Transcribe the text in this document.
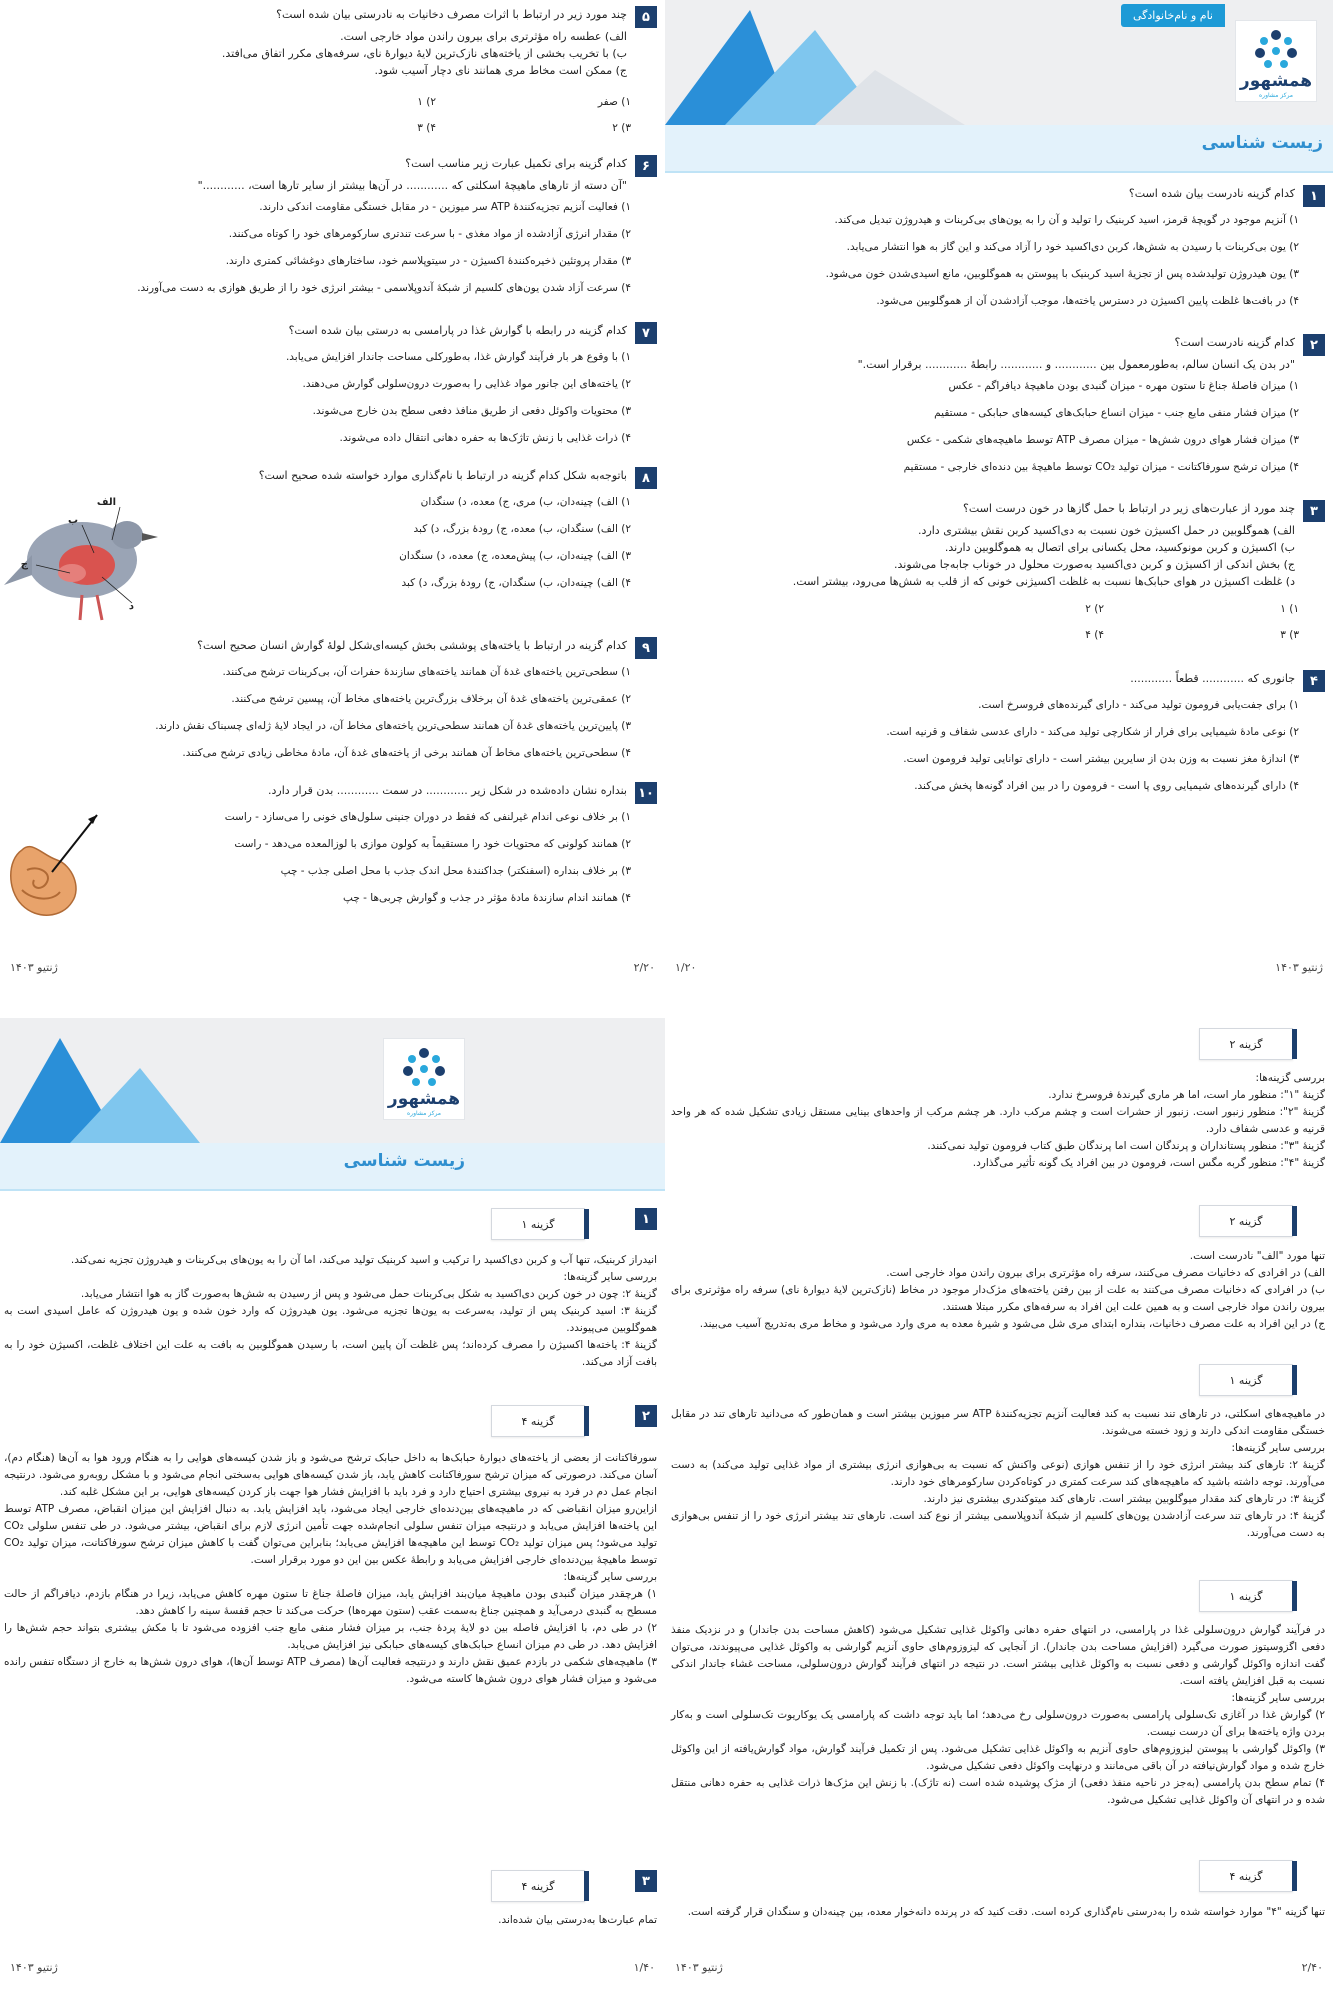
نام و نام‌خانوادگی
همشهور
مرکز مشاوره
زیست شناسی
۱
کدام گزینه نادرست بیان شده است؟
۱) آنزیم موجود در گویچهٔ قرمز، اسید کربنیک را تولید و آن را به یون‌های بی‌کربنات و هیدروژن تبدیل می‌کند.
۲) یون بی‌کربنات با رسیدن به شش‌ها، کربن دی‌اکسید خود را آزاد می‌کند و این گاز به هوا انتشار می‌یابد.
۳) یون هیدروژن تولیدشده پس از تجزیهٔ اسید کربنیک با پیوستن به هموگلوبین، مانع اسیدی‌شدن خون می‌شود.
۴) در بافت‌ها غلظت پایین اکسیژن در دسترس یاخته‌ها، موجب آزادشدن آن از هموگلوبین می‌شود.
۲
کدام گزینه نادرست است؟
"در بدن یک انسان سالم، به‌طورمعمول بین ............ و ............ رابطهٔ ............ برقرار است."
۱) میزان فاصلهٔ جناغ تا ستون مهره - میزان گنبدی بودن ماهیچهٔ دیافراگم - عکس
۲) میزان فشار منفی مایع جنب - میزان انساع حبابک‌های کیسه‌های حبابکی - مستقیم
۳) میزان فشار هوای درون شش‌ها - میزان مصرف ATP توسط ماهیچه‌های شکمی - عکس
۴) میزان ترشح سورفاکتانت - میزان تولید CO₂ توسط ماهیچهٔ بین دنده‌ای خارجی - مستقیم
۳
چند مورد از عبارت‌های زیر در ارتباط با حمل گازها در خون درست است؟
الف) هموگلوبین در حمل اکسیژن خون نسبت به دی‌اکسید کربن نقش بیشتری دارد.
ب) اکسیژن و کربن مونوکسید، محل یکسانی برای اتصال به هموگلوبین دارند.
ج) بخش اندکی از اکسیژن و کربن دی‌اکسید به‌صورت محلول در خوناب جابه‌جا می‌شوند.
د) غلظت اکسیژن در هوای حبابک‌ها نسبت به غلظت اکسیژنی خونی که از قلب به شش‌ها می‌رود، بیشتر است.
۱) ۱
۲) ۲
۳) ۳
۴) ۴
۴
جانوری که ............ قطعاً ............
۱) برای جفت‌یابی فرومون تولید می‌کند - دارای گیرنده‌های فروسرخ است.
۲) نوعی مادهٔ شیمیایی برای فرار از شکارچی تولید می‌کند - دارای عدسی شفاف و قرنیه است.
۳) اندازهٔ مغز نسبت به وزن بدن از سایرین بیشتر است - دارای توانایی تولید فرومون است.
۴) دارای گیرنده‌های شیمیایی روی پا است - فرومون را در بین افراد گونه‌ها پخش می‌کند.
ژنتیو ۱۴۰۳
۱/۲۰
۵
چند مورد زیر در ارتباط با اثرات مصرف دخانیات به نادرستی بیان شده است؟
الف) عطسه راه مؤثرتری برای بیرون راندن مواد خارجی است.
ب) با تخریب بخشی از یاخته‌های نازک‌ترین لایهٔ دیوارهٔ نای، سرفه‌های مکرر اتفاق می‌افتد.
ج) ممکن است مخاط مری همانند نای دچار آسیب شود.
۱) صفر
۲) ۱
۳) ۲
۴) ۳
۶
کدام گزینه برای تکمیل عبارت زیر مناسب است؟
"آن دسته از تارهای ماهیچهٔ اسکلتی که ............ در آن‌ها بیشتر از سایر تارها است، ............"
۱) فعالیت آنزیم تجزیه‌کنندهٔ ATP سر میوزین - در مقابل خستگی مقاومت اندکی دارند.
۲) مقدار انرژی آزادشده از مواد مغذی - با سرعت تندتری سارکومرهای خود را کوتاه می‌کنند.
۳) مقدار پروتئین ذخیره‌کنندهٔ اکسیژن - در سیتوپلاسم خود، ساختارهای دوغشائی کمتری دارند.
۴) سرعت آزاد شدن یون‌های کلسیم از شبکهٔ آندوپلاسمی - بیشتر انرژی خود را از طریق هوازی به دست می‌آورند.
۷
کدام گزینه در رابطه با گوارش غذا در پارامسی به درستی بیان شده است؟
۱) با وقوع هر بار فرآیند گوارش غذا، به‌طورکلی مساحت جاندار افزایش می‌یابد.
۲) یاخته‌های این جانور مواد غذایی را به‌صورت درون‌سلولی گوارش می‌دهند.
۳) محتویات واکوئل دفعی از طریق منافذ دفعی سطح بدن خارج می‌شوند.
۴) ذرات غذایی با زنش تاژک‌ها به حفره دهانی انتقال داده می‌شوند.
۸
باتوجه‌به شکل کدام گزینه در ارتباط با نام‌گذاری موارد خواسته شده صحیح است؟
۱) الف) چینه‌دان، ب) مری، ج) معده، د) سنگدان
۲) الف) سنگدان، ب) معده، ج) رودهٔ بزرگ، د) کبد
۳) الف) چینه‌دان، ب) پیش‌معده، ج) معده، د) سنگدان
۴) الف) چینه‌دان، ب) سنگدان، ج) رودهٔ بزرگ، د) کبد
الف
ب
ج
د
۹
کدام گزینه در ارتباط با یاخته‌های پوششی بخش کیسه‌ای‌شکل لولهٔ گوارش انسان صحیح است؟
۱) سطحی‌ترین یاخته‌های غدهٔ آن همانند یاخته‌های سازندهٔ حفرات آن، بی‌کربنات ترشح می‌کنند.
۲) عمقی‌ترین یاخته‌های غدهٔ آن برخلاف بزرگ‌ترین یاخته‌های مخاط آن، پپسین ترشح می‌کنند.
۳) پایین‌ترین یاخته‌های غدهٔ آن همانند سطحی‌ترین یاخته‌های مخاط آن، در ایجاد لایهٔ ژله‌ای چسبناک نقش دارند.
۴) سطحی‌ترین یاخته‌های مخاط آن همانند برخی از یاخته‌های غدهٔ آن، مادهٔ مخاطی زیادی ترشح می‌کنند.
۱۰
بنداره نشان داده‌شده در شکل زیر ............ در سمت ............ بدن قرار دارد.
۱) بر خلاف نوعی اندام غیرلنفی که فقط در دوران جنینی سلول‌های خونی را می‌سازد - راست
۲) همانند کولونی که محتویات خود را مستقیماً به کولون موازی با لوزالمعده می‌دهد - راست
۳) بر خلاف بنداره (اسفنکتر) جداکنندهٔ محل اندک جذب با محل اصلی جذب - چپ
۴) همانند اندام سازندهٔ مادهٔ مؤثر در جذب و گوارش چربی‌ها - چپ
۲/۲۰
ژنتیو ۱۴۰۳
همشهور
مرکز مشاوره
زیست شناسی
۱
گزینه ۱
انیدراز کربنیک، تنها آب و کربن دی‌اکسید را ترکیب و اسید کربنیک تولید می‌کند، اما آن را به یون‌های بی‌کربنات و هیدروژن تجزیه نمی‌کند.
بررسی سایر گزینه‌ها:
گزینهٔ ۲: چون در خون کربن دی‌اکسید به شکل بی‌کربنات حمل می‌شود و پس از رسیدن به شش‌ها به‌صورت گاز به هوا انتشار می‌یابد.
گزینهٔ ۳: اسید کربنیک پس از تولید، به‌سرعت به یون‌ها تجزیه می‌شود. یون هیدروژن که وارد خون شده و یون هیدروژن که عامل اسیدی است به هموگلوبین می‌پیوندد.
گزینهٔ ۴: یاخته‌ها اکسیژن را مصرف کرده‌اند؛ پس غلظت آن پایین است، با رسیدن هموگلوبین به بافت به علت این اختلاف غلظت، اکسیژن خود را به بافت آزاد می‌کند.
۲
گزینه ۴
سورفاکتانت از بعضی از یاخته‌های دیوارهٔ حبابک‌ها به داخل حبابک ترشح می‌شود و باز شدن کیسه‌های هوایی را به هنگام ورود هوا به آن‌ها (هنگام دم)، آسان می‌کند. درصورتی که میزان ترشح سورفاکتانت کاهش یابد، باز شدن کیسه‌های هوایی به‌سختی انجام می‌شود و با مشکل روبه‌رو می‌شود. درنتیجه انجام عمل دم در فرد به نیروی بیشتری احتیاج دارد و فرد باید با افزایش فشار هوا جهت باز کردن کیسه‌های هوایی، بر این مشکل غلبه کند.
ازاین‌رو میزان انقباضی که در ماهیچه‌های بین‌دنده‌ای خارجی ایجاد می‌شود، باید افزایش یابد. به دنبال افزایش این میزان انقباض، مصرف ATP توسط این یاخته‌ها افزایش می‌یابد و درنتیجه میزان تنفس سلولی انجام‌شده جهت تأمین انرژی لازم برای انقباض، بیشتر می‌شود. در طی تنفس سلولی CO₂ تولید می‌شود؛ پس میزان تولید CO₂ توسط این ماهیچه‌ها افزایش می‌یابد؛ بنابراین می‌توان گفت با کاهش میزان ترشح سورفاکتانت، میزان تولید CO₂ توسط ماهیچهٔ بین‌دنده‌ای خارجی افزایش می‌یابد و رابطهٔ عکس بین این دو مورد برقرار است.
بررسی سایر گزینه‌ها:
۱) هرچقدر میزان گنبدی بودن ماهیچهٔ میان‌بند افزایش یابد، میزان فاصلهٔ جناغ تا ستون مهره کاهش می‌یابد، زیرا در هنگام بازدم، دیافراگم از حالت مسطح به گنبدی درمی‌آید و همچنین جناغ به‌سمت عقب (ستون مهره‌ها) حرکت می‌کند تا حجم قفسهٔ سینه را کاهش دهد.
۲) در طی دم، با افزایش فاصله بین دو لایهٔ پردهٔ جنب، بر میزان فشار منفی مایع جنب افزوده می‌شود تا با مکش بیشتری بتواند حجم شش‌ها را افزایش دهد. در طی دم میزان انساع حبابک‌های کیسه‌های حبابکی نیز افزایش می‌یابد.
۳) ماهیچه‌های شکمی در بازدم عمیق نقش دارند و درنتیجه فعالیت آن‌ها (مصرف ATP توسط آن‌ها)، هوای درون شش‌ها به خارج از دستگاه تنفس رانده می‌شود و میزان فشار هوای درون شش‌ها کاسته می‌شود.
۳
گزینه ۴
تمام عبارت‌ها به‌درستی بیان شده‌اند.
۱/۴۰
ژنتیو ۱۴۰۳
گزینه ۲
بررسی گزینه‌ها:
گزینهٔ "۱": منظور مار است، اما هر ماری گیرندهٔ فروسرخ ندارد.
گزینهٔ "۲": منظور زنبور است. زنبور از حشرات است و چشم مرکب دارد. هر چشم مرکب از واحدهای بینایی مستقل زیادی تشکیل شده که هر واحد قرنیه و عدسی شفاف دارد.
گزینهٔ "۳": منظور پستانداران و پرندگان است اما پرندگان طبق کتاب فرومون تولید نمی‌کنند.
گزینهٔ "۴": منظور گربه مگس است، فرومون در بین افراد یک گونه تأثیر می‌گذارد.
گزینه ۲
تنها مورد "الف" نادرست است.
الف) در افرادی که دخانیات مصرف می‌کنند، سرفه راه مؤثرتری برای بیرون راندن مواد خارجی است.
ب) در افرادی که دخانیات مصرف می‌کنند به علت از بین رفتن یاخته‌های مژک‌دار موجود در مخاط (نازک‌ترین لایهٔ دیوارهٔ نای) سرفه راه مؤثرتری برای بیرون راندن مواد خارجی است و به همین علت این افراد به سرفه‌های مکرر مبتلا هستند.
ج) در این افراد به علت مصرف دخانیات، بنداره ابتدای مری شل می‌شود و شیرهٔ معده به مری وارد می‌شود و مخاط مری به‌تدریج آسیب می‌بیند.
گزینه ۱
در ماهیچه‌های اسکلتی، در تارهای تند نسبت به کند فعالیت آنزیم تجزیه‌کنندهٔ ATP سر میوزین بیشتر است و همان‌طور که می‌دانید تارهای تند در مقابل خستگی مقاومت اندکی دارند و زود خسته می‌شوند.
بررسی سایر گزینه‌ها:
گزینهٔ ۲: تارهای کند بیشتر انرژی خود را از تنفس هوازی (نوعی واکنش که نسبت به بی‌هوازی انرژی بیشتری از مواد غذایی تولید می‌کند) به دست می‌آورند. توجه داشته باشید که ماهیچه‌های کند سرعت کمتری در کوتاه‌کردن سارکومرهای خود دارند.
گزینهٔ ۳: در تارهای کند مقدار میوگلوبین بیشتر است. تارهای کند میتوکندری بیشتری نیز دارند.
گزینهٔ ۴: در تارهای تند سرعت آزادشدن یون‌های کلسیم از شبکهٔ آندوپلاسمی بیشتر از نوع کند است. تارهای تند بیشتر انرژی خود را از تنفس بی‌هوازی به دست می‌آورند.
گزینه ۱
در فرآیند گوارش درون‌سلولی غذا در پارامسی، در انتهای حفره دهانی واکوئل غذایی تشکیل می‌شود (کاهش مساحت بدن جاندار) و در نزدیک منفذ دفعی اگزوسیتوز صورت می‌گیرد (افزایش مساحت بدن جاندار). از آنجایی که لیزوزوم‌های حاوی آنزیم گوارشی به واکوئل غذایی می‌پیوندند، می‌توان گفت اندازه واکوئل گوارشی و دفعی نسبت به واکوئل غذایی بیشتر است. در نتیجه در انتهای فرآیند گوارش درون‌سلولی، مساحت غشاء جاندار اندکی نسبت به قبل افزایش یافته است.
بررسی سایر گزینه‌ها:
۲) گوارش غذا در آغازی تک‌سلولی پارامسی به‌صورت درون‌سلولی رخ می‌دهد؛ اما باید توجه داشت که پارامسی یک یوکاریوت تک‌سلولی است و به‌کار بردن واژه یاخته‌ها برای آن درست نیست.
۳) واکوئل گوارشی با پیوستن لیزوزوم‌های حاوی آنزیم به واکوئل غذایی تشکیل می‌شود. پس از تکمیل فرآیند گوارش، مواد گوارش‌یافته از این واکوئل خارج شده و مواد گوارش‌نیافته در آن باقی می‌مانند و درنهایت واکوئل دفعی تشکیل می‌شود.
۴) تمام سطح بدن پارامسی (به‌جز در ناحیه منفذ دفعی) از مژک پوشیده شده است (نه تاژک). با زنش این مژک‌ها ذرات غذایی به حفره دهانی منتقل شده و در انتهای آن واکوئل غذایی تشکیل می‌شود.
گزینه ۴
تنها گزینه "۴" موارد خواسته شده را به‌درستی نام‌گذاری کرده است. دقت کنید که در پرنده دانه‌خوار معده، بین چینه‌دان و سنگدان قرار گرفته است.
۲/۴۰
ژنتیو ۱۴۰۳
